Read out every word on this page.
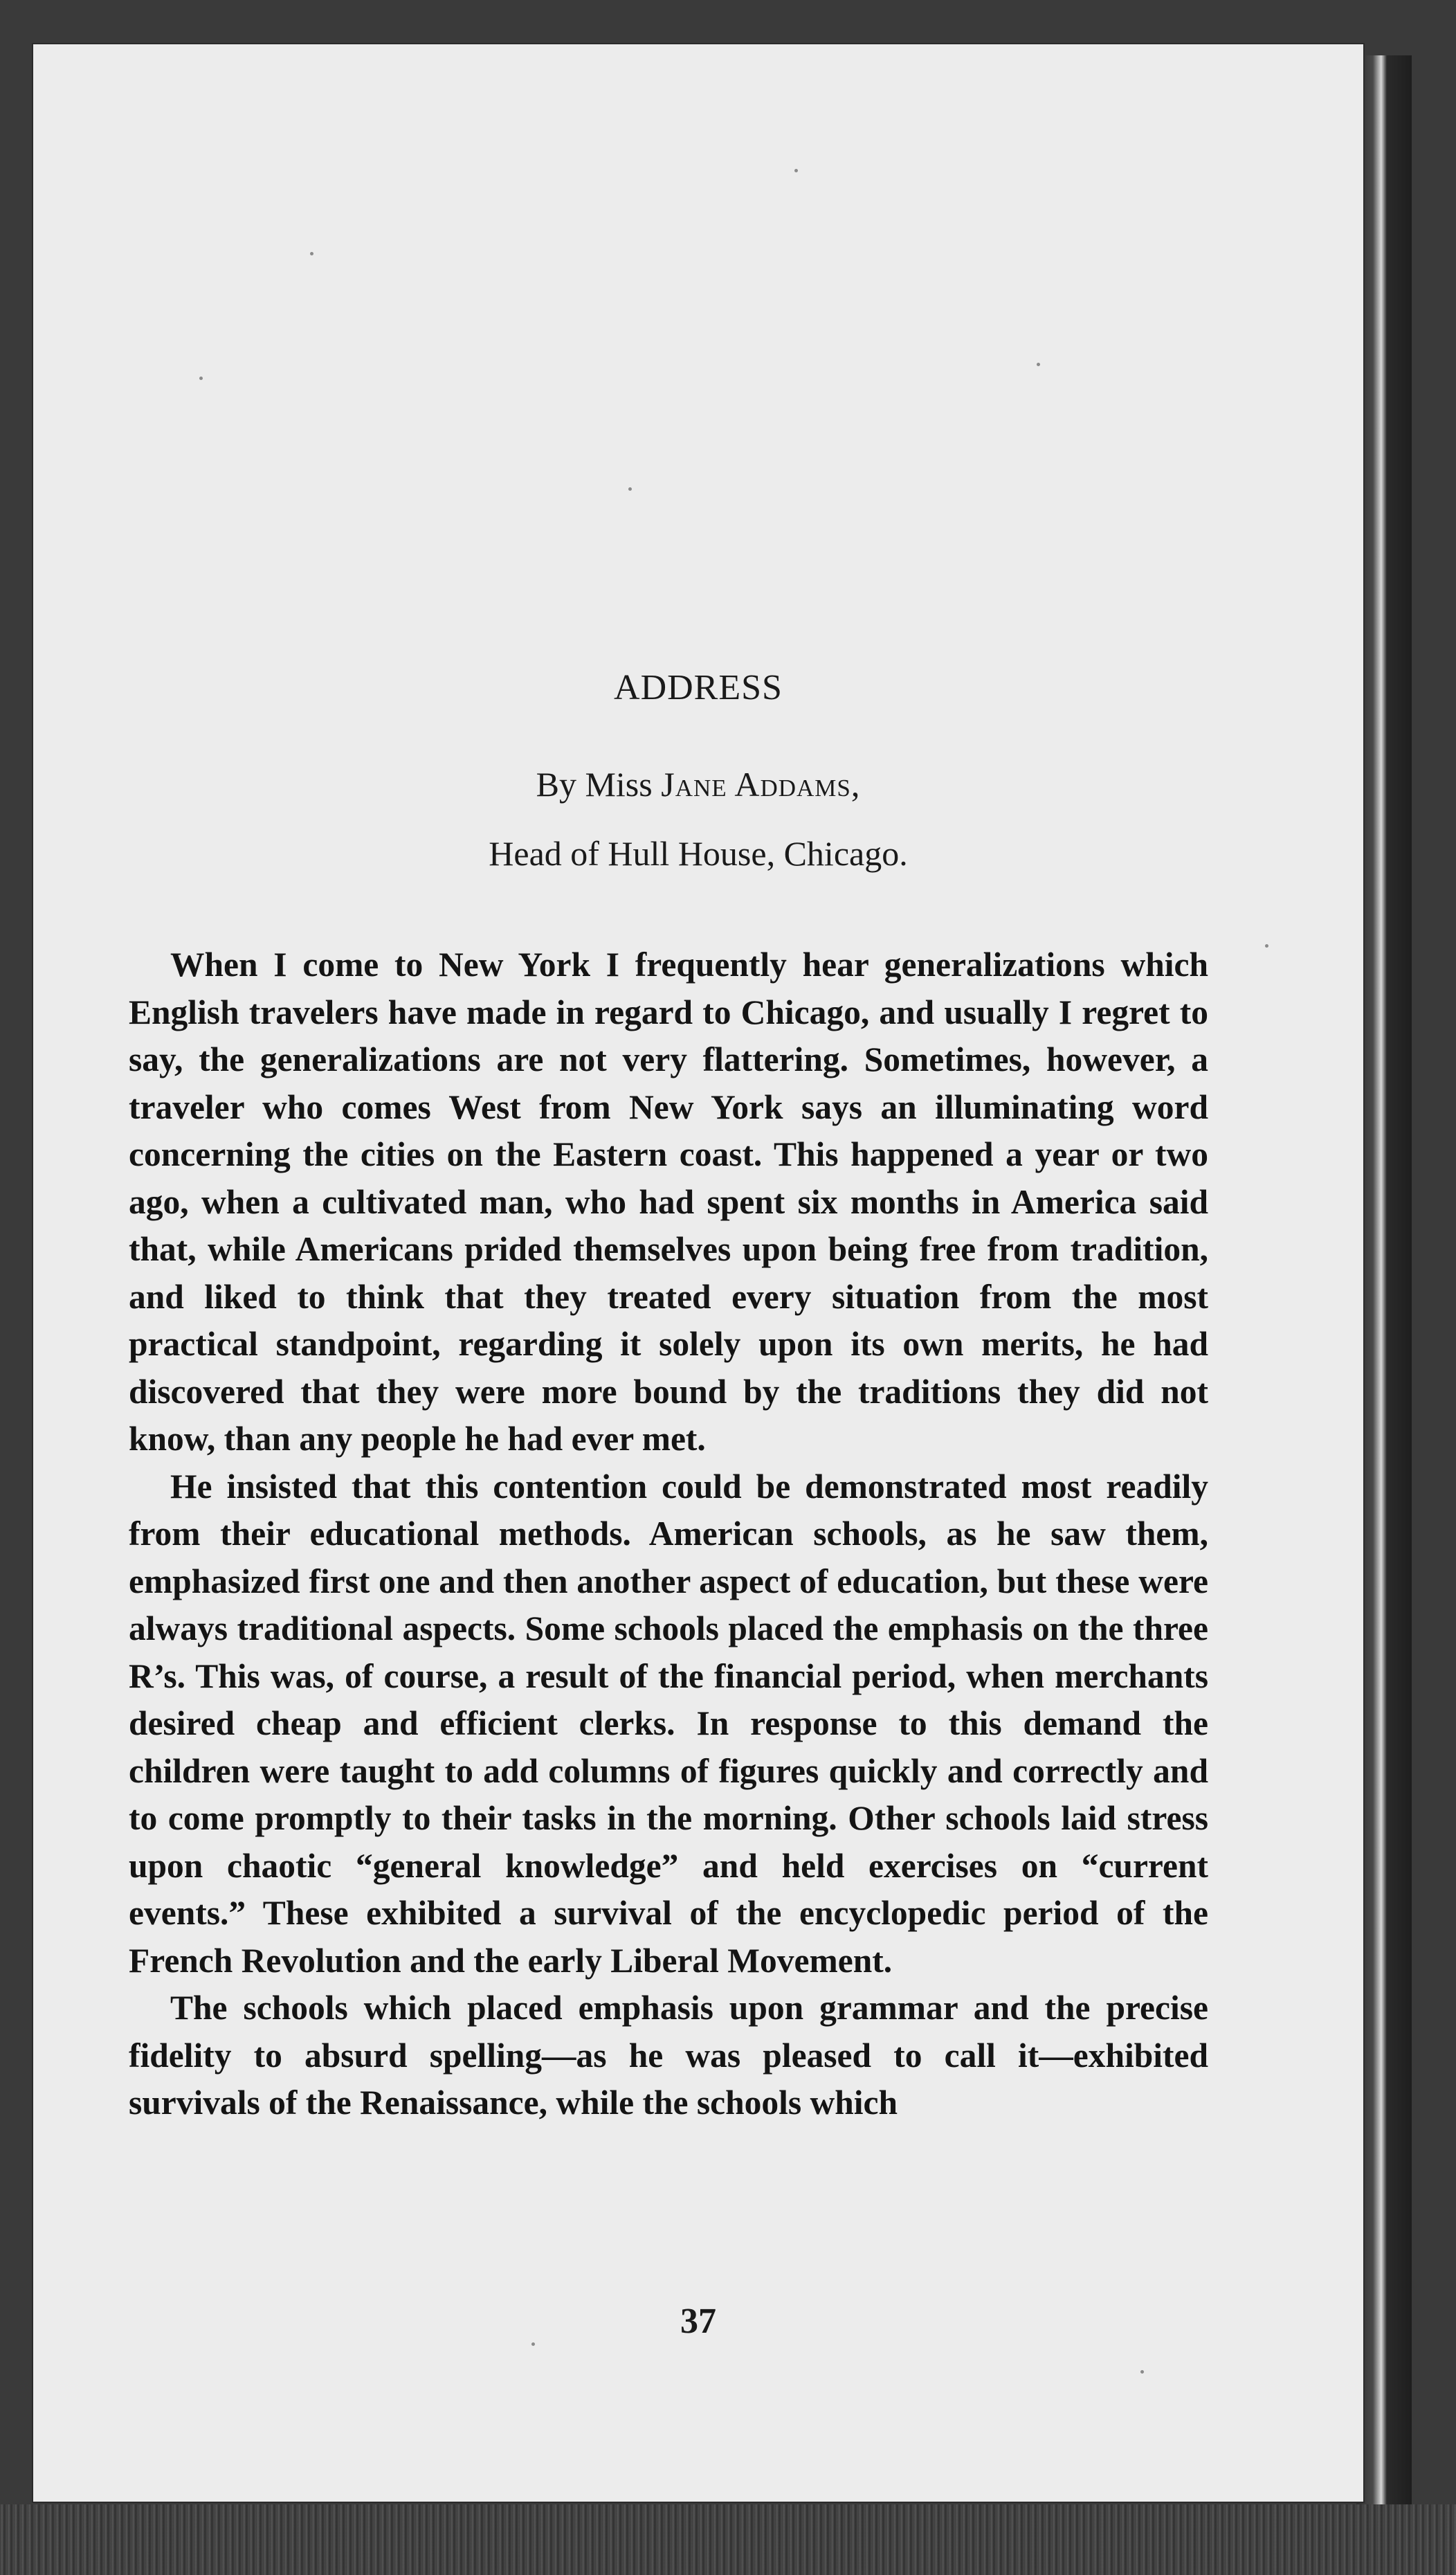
ADDRESS
By Miss Jane Addams,
Head of Hull House, Chicago.

When I come to New York I frequently hear generalizations which English travelers have made in regard to Chicago, and usually I regret to say, the generalizations are not very flattering. Sometimes, however, a traveler who comes West from New York says an illuminating word concerning the cities on the Eastern coast. This happened a year or two ago, when a cultivated man, who had spent six months in America said that, while Americans prided themselves upon being free from tradition, and liked to think that they treated every situation from the most practical standpoint, regarding it solely upon its own merits, he had discovered that they were more bound by the traditions they did not know, than any people he had ever met.

He insisted that this contention could be demonstrated most readily from their educational methods. American schools, as he saw them, emphasized first one and then another aspect of education, but these were always traditional aspects. Some schools placed the emphasis on the three R’s. This was, of course, a result of the financial period, when merchants desired cheap and efficient clerks. In response to this demand the children were taught to add columns of figures quickly and correctly and to come promptly to their tasks in the morning. Other schools laid stress upon chaotic “general knowledge” and held exercises on “current events.” These exhibited a survival of the encyclopedic period of the French Revolution and the early Liberal Movement.

The schools which placed emphasis upon grammar and the precise fidelity to absurd spelling—as he was pleased to call it—exhibited survivals of the Renaissance, while the schools which

37
